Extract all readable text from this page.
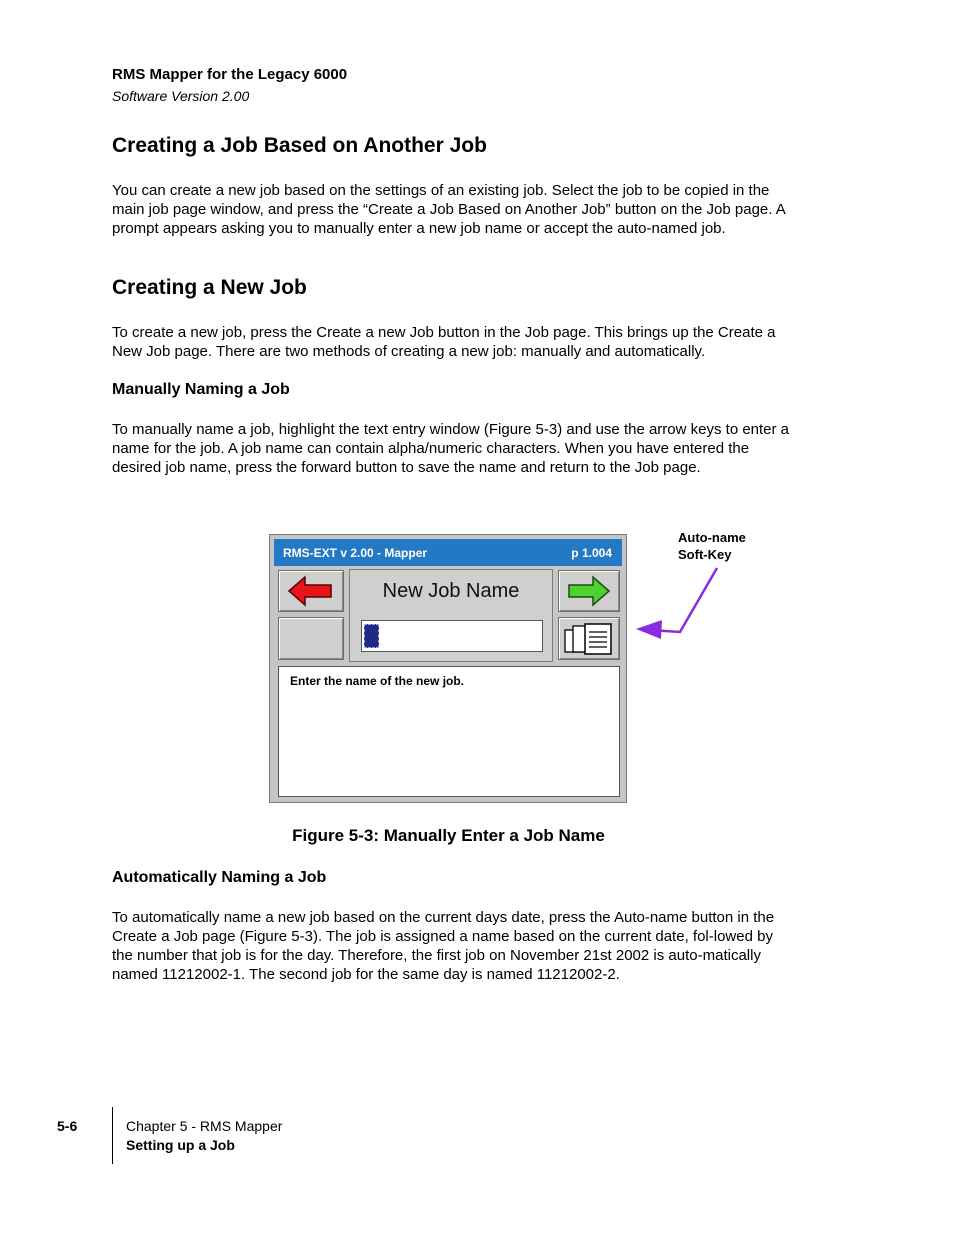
RMS Mapper for the Legacy 6000
Software Version 2.00
Creating a Job Based on Another Job

You can create a new job based on the settings of an existing job. Select the job to be copied in the main job page window, and press the “Create a Job Based on Another Job” button on the Job page. A prompt appears asking you to manually enter a new job name or accept the auto-named job.

Creating a New Job

To create a new job, press the Create a new Job button in the Job page. This brings up the Create a New Job page. There are two methods of creating a new job: manually and automatically.

Manually Naming a Job

To manually name a job, highlight the text entry window (Figure 5-3) and use the arrow keys to enter a name for the job. A job name can contain alpha/numeric characters. When you have entered the desired job name, press the forward button to save the name and return to the Job page.

RMS-EXT v 2.00 - Mapper	p 1.004
New Job Name
Enter the name of the new job.
Auto-name
Soft-Key
Figure 5-3: Manually Enter a Job Name
Automatically Naming a Job

To automatically name a new job based on the current days date, press the Auto-name button in the Create a Job page (Figure 5-3). The job is assigned a name based on the current date, fol-lowed by the number that job is for the day. Therefore, the first job on November 21st 2002 is auto-matically named 11212002-1. The second job for the same day is named 11212002-2.

5-6	Chapter 5 - RMS Mapper
Setting up a Job
